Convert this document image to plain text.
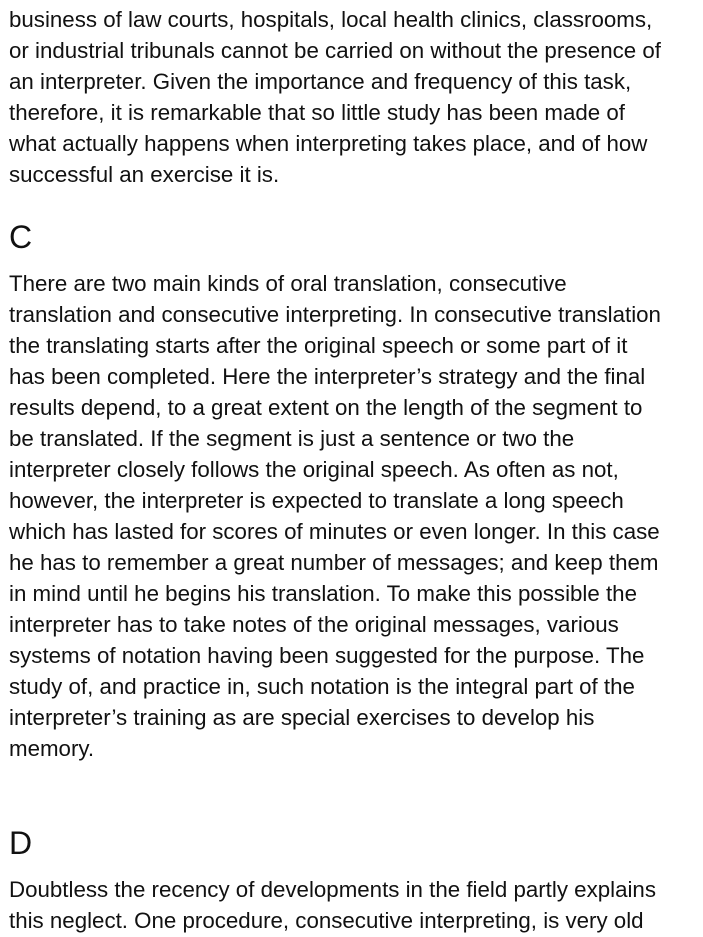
business of law courts, hospitals, local health clinics, classrooms,
or industrial tribunals cannot be carried on without the presence of
an interpreter. Given the importance and frequency of this task,
therefore, it is remarkable that so little study has been made of
what actually happens when interpreting takes place, and of how
successful an exercise it is.
C
There are two main kinds of oral translation, consecutive
translation and consecutive interpreting. In consecutive translation
the translating starts after the original speech or some part of it
has been completed. Here the interpreter’s strategy and the final
results depend, to a great extent on the length of the segment to
be translated. If the segment is just a sentence or two the
interpreter closely follows the original speech. As often as not,
however, the interpreter is expected to translate a long speech
which has lasted for scores of minutes or even longer. In this case
he has to remember a great number of messages; and keep them
in mind until he begins his translation. To make this possible the
interpreter has to take notes of the original messages, various
systems of notation having been suggested for the purpose. The
study of, and practice in, such notation is the integral part of the
interpreter’s training as are special exercises to develop his
memory.
D
Doubtless the recency of developments in the field partly explains
this neglect. One procedure, consecutive interpreting, is very old
